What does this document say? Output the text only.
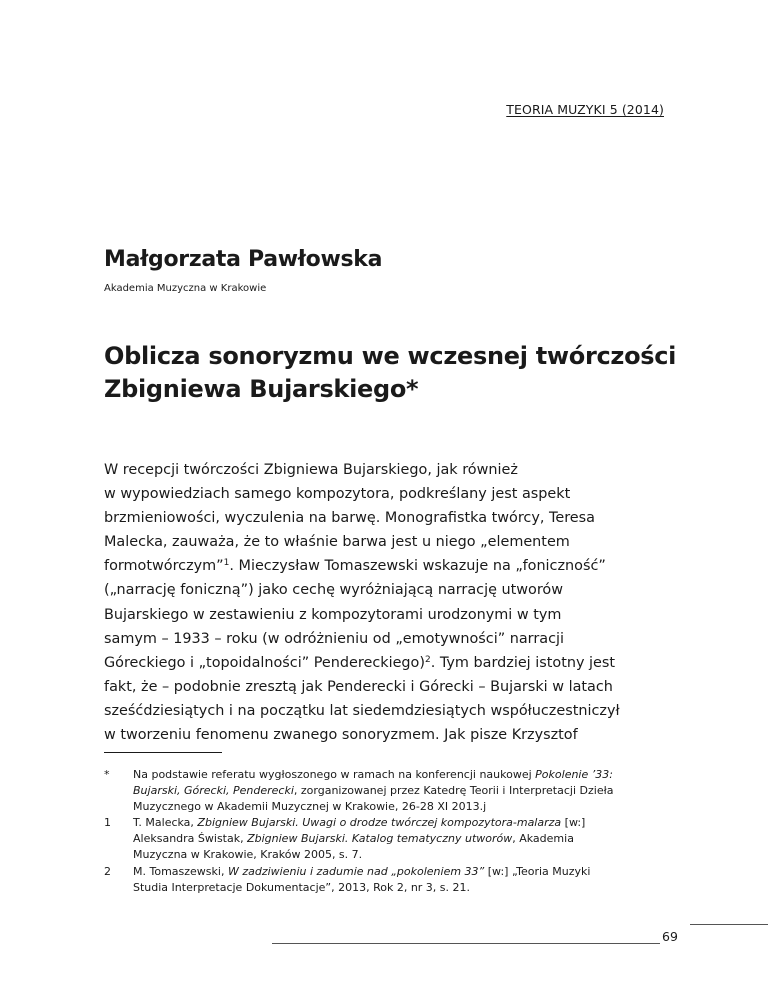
TEORIA MUZYKI 5 (2014)
Małgorzata Pawłowska
Akademia Muzyczna w Krakowie
Oblicza sonoryzmu we wczesnej twórczości
Zbigniewa Bujarskiego*
W recepcji twórczości Zbigniewa Bujarskiego, jak również
w wypowiedziach samego kompozytora, podkreślany jest aspekt
brzmieniowości, wyczulenia na barwę. Monografistka twórcy, Teresa
Malecka, zauważa, że to właśnie barwa jest u niego „elementem
formotwórczym”$^1$. Mieczysław Tomaszewski wskazuje na „foniczność”
(„narrację foniczną”) jako cechę wyróżniającą narrację utworów
Bujarskiego w zestawieniu z kompozytorami urodzonymi w tym
samym – 1933 – roku (w odróżnieniu od „emotywności” narracji
Góreckiego i „topoidalności” Pendereckiego)$^2$. Tym bardziej istotny jest
fakt, że – podobnie zresztą jak Penderecki i Górecki – Bujarski w latach
sześćdziesiątych i na początku lat siedemdziesiątych współuczestniczył
w tworzeniu fenomenu zwanego sonoryzmem. Jak pisze Krzysztof
*	Na podstawie referatu wygłoszonego w ramach na konferencji naukowej Pokolenie ’33:
Bujarski, Górecki, Penderecki, zorganizowanej przez Katedrę Teorii i Interpretacji Dzieła
Muzycznego w Akademii Muzycznej w Krakowie, 26-28 XI 2013.j
1	T. Malecka, Zbigniew Bujarski. Uwagi o drodze twórczej kompozytora-malarza [w:]
Aleksandra Świstak, Zbigniew Bujarski. Katalog tematyczny utworów, Akademia
Muzyczna w Krakowie, Kraków 2005, s. 7.
2	M. Tomaszewski, W zadziwieniu i zadumie nad „pokoleniem 33” [w:] „Teoria Muzyki
Studia Interpretacje Dokumentacje”, 2013, Rok 2, nr 3, s. 21.
69
